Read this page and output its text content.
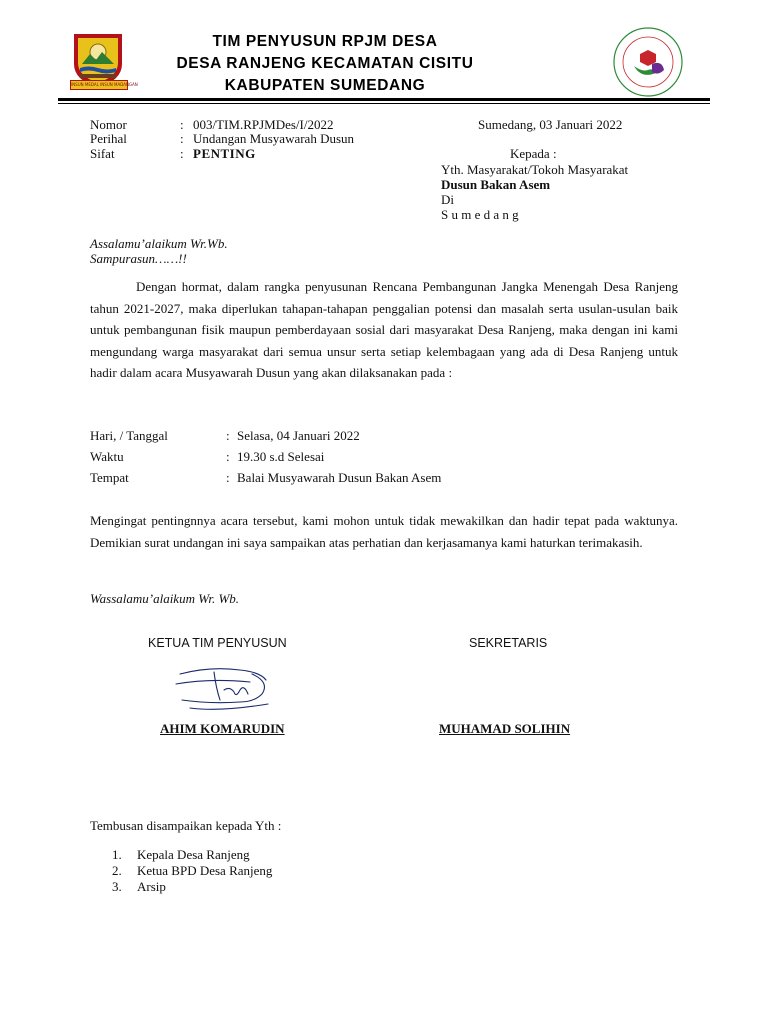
INSUN MEDAL INSUN MADANGAN
TIM PENYUSUN RPJM DESA
DESA RANJENG KECAMATAN CISITU
KABUPATEN SUMEDANG
Nomor	: 003/TIM.RPJMDes/I/2022
Perihal	: Undangan Musyawarah Dusun
Sifat	: PENTING
Sumedang, 03 Januari 2022
Kepada :
Yth. Masyarakat/Tokoh Masyarakat
Dusun Bakan Asem
Di
S u m e d a n g
Assalamu’alaikum Wr.Wb.
Sampurasun……!!
Dengan hormat, dalam rangka penyusunan Rencana Pembangunan Jangka Menengah Desa Ranjeng tahun 2021-2027, maka diperlukan tahapan-tahapan penggalian potensi dan masalah serta usulan-usulan baik untuk pembangunan fisik maupun pemberdayaan sosial dari masyarakat Desa Ranjeng, maka dengan ini kami mengundang warga masyarakat dari semua unsur serta setiap kelembagaan yang ada di Desa Ranjeng untuk hadir dalam acara Musyawarah Dusun yang akan dilaksanakan pada :
Hari, / Tanggal	: Selasa, 04 Januari 2022
Waktu	: 19.30 s.d Selesai
Tempat	: Balai Musyawarah Dusun Bakan Asem
Mengingat pentingnnya acara tersebut, kami mohon untuk tidak mewakilkan dan hadir tepat pada waktunya. Demikian surat undangan ini saya sampaikan atas perhatian dan kerjasamanya kami haturkan terimakasih.
Wassalamu’alaikum Wr. Wb.
KETUA TIM PENYUSUN	SEKRETARIS
AHIM KOMARUDIN	MUHAMAD SOLIHIN
Tembusan disampaikan kepada Yth :
1. Kepala Desa Ranjeng
2. Ketua BPD Desa Ranjeng
3. Arsip
